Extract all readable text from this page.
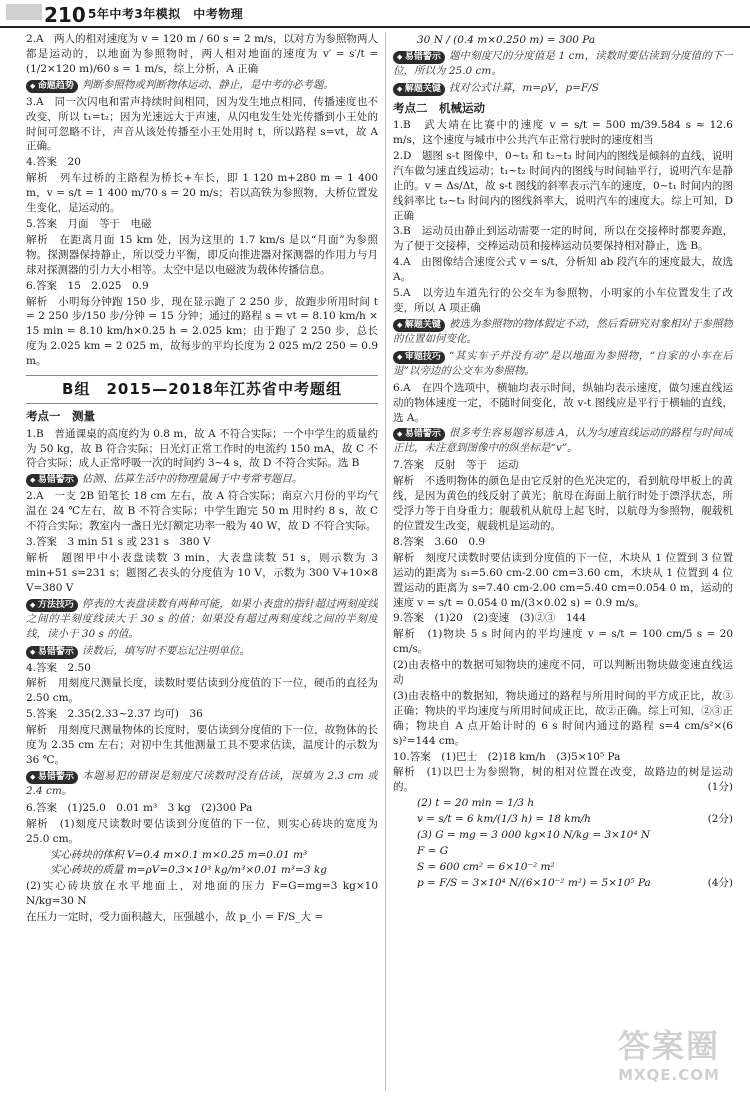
210 5年中考3年模拟　中考物理

2.A　两人的相对速度为 v = 120 m / 60 s = 2 m/s，以对方为参照物两人都是运动的，以地面为参照物时，两人相对地面的速度为 v′ = s′/t = (1/2×120 m)/60 s = 1 m/s，综上分析，A 正确

◆ 命题趋势 判断参照物或判断物体运动、静止，是中考的必考题。

3.A　同一次闪电和雷声持续时间相同，因为发生地点相同，传播速度也不改变，所以 t₁=t₂；因为光速远大于声速，从闪电发生处光传播到小王处的时间可忽略不计，声音从该处传播至小王处用时 t，所以路程 s=vt，故 A 正确。

4.答案　20

解析　列车过桥的主路程为桥长+车长，即 1 120 m+280 m = 1 400 m，v = s/t = 1 400 m/70 s = 20 m/s；若以高铁为参照物，大桥位置发生变化，是运动的。

5.答案　月面　等于　电磁

解析　在距离月面 15 km 处，因为这里的 1.7 km/s 是以“月面”为参照物。探测器保持静止，所以受力平衡，即反向推进器对探测器的作用力与月球对探测器的引力大小相等。太空中是以电磁波为载体传播信息。

6.答案　15　2.025　0.9

解析　小明每分钟跑 150 步，现在显示跑了 2 250 步，故跑步所用时间 t = 2 250 步/150 步/分钟 = 15 分钟；通过的路程 s = vt = 8.10 km/h × 15 min = 8.10 km/h×0.25 h = 2.025 km；由于跑了 2 250 步，总长度为 2.025 km = 2 025 m，故每步的平均长度为 2 025 m/2 250 = 0.9 m。

B组　2015—2018年江苏省中考题组
考点一　测量

1.B　普通课桌的高度约为 0.8 m，故 A 不符合实际；一个中学生的质量约为 50 kg，故 B 符合实际；日光灯正常工作时的电流约 150 mA，故 C 不符合实际；成人正常呼吸一次的时间约 3~4 s，故 D 不符合实际。选 B

◆ 易错警示 估测、估算生活中的物理量属于中考常考题目。

2.A　一支 2B 铅笔长 18 cm 左右，故 A 符合实际；南京六月份的平均气温在 24 ℃左右，故 B 不符合实际；中学生跑完 50 m 用时约 8 s，故 C 不符合实际；教室内一盏日光灯额定功率一般为 40 W，故 D 不符合实际。

3.答案　3 min 51 s 或 231 s　380 V

解析　题图甲中小表盘读数 3 min，大表盘读数 51 s，则示数为 3 min+51 s=231 s；题图乙表头的分度值为 10 V，示数为 300 V+10×8 V=380 V

◆ 方法技巧 停表的大表盘读数有两种可能，如果小表盘的指针超过两刻度线之间的半刻度线读大于 30 s 的值；如果没有超过两刻度线之间的半刻度线，读小于 30 s 的值。

◆ 易错警示 读数后，填写时不要忘记注明单位。

4.答案　2.50

解析　用刻度尺测量长度，读数时要估读到分度值的下一位，硬币的直径为 2.50 cm。

5.答案　2.35(2.33~2.37 均可)　36

解析　用刻度尺测量物体的长度时，要估读到分度值的下一位，故物体的长度为 2.35 cm 左右；对初中生其他测量工具不要求估读，温度计的示数为 36 ℃。

◆ 易错警示 本题易犯的错误是刻度尺读数时没有估读，误填为 2.3 cm 或 2.4 cm。

6.答案　(1)25.0　0.01 m³　3 kg　(2)300 Pa

解析　(1)刻度尺读数时要估读到分度值的下一位，则实心砖块的宽度为 25.0 cm。

实心砖块的体积 V=0.4 m×0.1 m×0.25 m=0.01 m³

实心砖块的质量 m=ρV=0.3×10³ kg/m³×0.01 m³=3 kg

(2)实心砖块放在水平地面上，对地面的压力 F=G=mg=3 kg×10 N/kg=30 N

在压力一定时，受力面积越大，压强越小，故 p_小 = F/S_大 =

30 N / (0.4 m×0.250 m) = 300 Pa

◆ 易错警示 题中刻度尺的分度值是 1 cm，读数时要估读到分度值的下一位，所以为 25.0 cm。

◆ 解题关键 找对公式计算，m=ρV，p=F/S

考点二　机械运动

1.B　武大靖在比赛中的速度 v = s/t = 500 m/39.584 s ≈ 12.6 m/s，这个速度与城市中公共汽车正常行驶时的速度相当

2.D　题图 s-t 图像中，0~t₁ 和 t₂~t₃ 时间内的图线是倾斜的直线，说明汽车做匀速直线运动；t₁~t₂ 时间内的图线与时间轴平行，说明汽车是静止的。v = Δs/Δt，故 s-t 图线的斜率表示汽车的速度，0~t₁ 时间内的图线斜率比 t₂~t₃ 时间内的图线斜率大，说明汽车的速度大。综上可知，D 正确

3.B　运动员由静止到运动需要一定的时间，所以在交接棒时都要奔跑，为了便于交接棒，交棒运动员和接棒运动员要保持相对静止，选 B。

4.A　由图像结合速度公式 v = s/t，分析知 ab 段汽车的速度最大，故选 A。

5.A　以旁边车道先行的公交车为参照物，小明家的小车位置发生了改变，所以 A 项正确

◆ 解题关键 被选为参照物的物体假定不动，然后看研究对象相对于参照物的位置如何变化。

◆ 审题技巧 “其实车子并没有动”是以地面为参照物，“自家的小车在后退”以旁边的公交车为参照物。

6.A　在四个选项中，横轴均表示时间，纵轴均表示速度，做匀速直线运动的物体速度一定，不随时间变化，故 v-t 图线应是平行于横轴的直线，选 A。

◆ 易错警示 很多考生容易题容易选 A，认为匀速直线运动的路程与时间成正比，未注意到图像中的纵坐标是“v”。

7.答案　反射　等于　运动

解析　不透明物体的颜色是由它反射的色光决定的，看到航母甲板上的黄线，是因为黄色的线反射了黄光；航母在海面上航行时处于漂浮状态，所受浮力等于自身重力；舰载机从航母上起飞时，以航母为参照物，舰载机的位置发生改变，舰载机是运动的。

8.答案　3.60　0.9

解析　刻度尺读数时要估读到分度值的下一位，木块从 1 位置到 3 位置运动的距离为 s₁=5.60 cm-2.00 cm=3.60 cm，木块从 1 位置到 4 位置运动的距离为 s=7.40 cm-2.00 cm=5.40 cm=0.054 0 m，运动的速度 v = s/t = 0.054 0 m/(3×0.02 s) = 0.9 m/s。

9.答案　(1)20　(2)变速　(3)②③　144

解析　(1)物块 5 s 时间内的平均速度 v = s/t = 100 cm/5 s = 20 cm/s。

(2)由表格中的数据可知物块的速度不同，可以判断出物块做变速直线运动

(3)由表格中的数据知，物块通过的路程与所用时间的平方成正比，故③正确；物块的平均速度与所用时间成正比，故②正确。综上可知，②③正确；物块自 A 点开始计时的 6 s 时间内通过的路程 s=4 cm/s²×(6 s)²=144 cm。

10.答案　(1)巴士　(2)18 km/h　(3)5×10⁵ Pa

解析　(1)以巴士为参照物，树的相对位置在改变，故路边的树是运动的。	(1分)

(2) t = 20 min = 1/3 h

v = s/t = 6 km/(1/3 h) = 18 km/h	(2分)

(3) G = mg = 3 000 kg×10 N/kg = 3×10⁴ N

F = G

S = 600 cm² = 6×10⁻² m²

p = F/S = 3×10⁴ N/(6×10⁻² m²) = 5×10⁵ Pa	(4分)

答案圈
MXQE.COM
